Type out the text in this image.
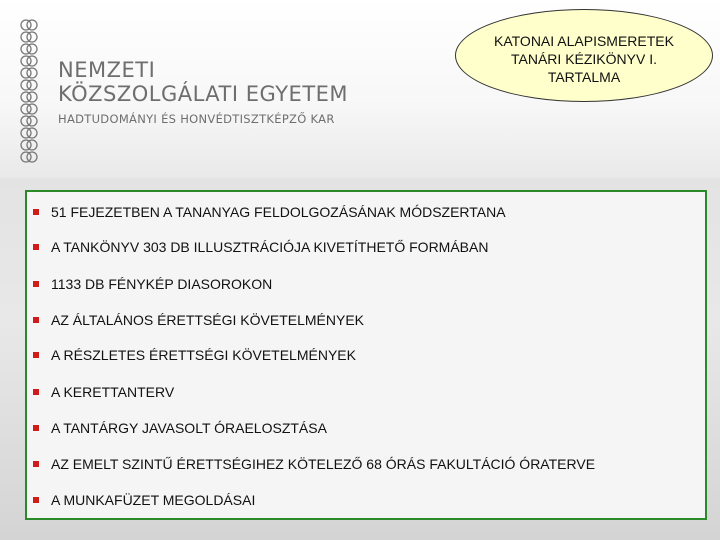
NEMZETI
KÖZSZOLGÁLATI EGYETEM
HADTUDOMÁNYI ÉS HONVÉDTISZTKÉPZŐ KAR
KATONAI ALAPISMERETEK TANÁRI KÉZIKÖNYV I. TARTALMA
51 FEJEZETBEN A TANANYAG FELDOLGOZÁSÁNAK MÓDSZERTANA
A TANKÖNYV 303 DB ILLUSZTRÁCIÓJA KIVETÍTHETŐ FORMÁBAN
1133 DB FÉNYKÉP DIASOROKON
AZ ÁLTALÁNOS ÉRETTSÉGI KÖVETELMÉNYEK
A RÉSZLETES ÉRETTSÉGI KÖVETELMÉNYEK
A KERETTANTERV
A TANTÁRGY JAVASOLT ÓRAELOSZTÁSA
AZ EMELT SZINTŰ ÉRETTSÉGIHEZ KÖTELEZŐ 68 ÓRÁS FAKULTÁCIÓ ÓRATERVE
A MUNKAFÜZET MEGOLDÁSAI
